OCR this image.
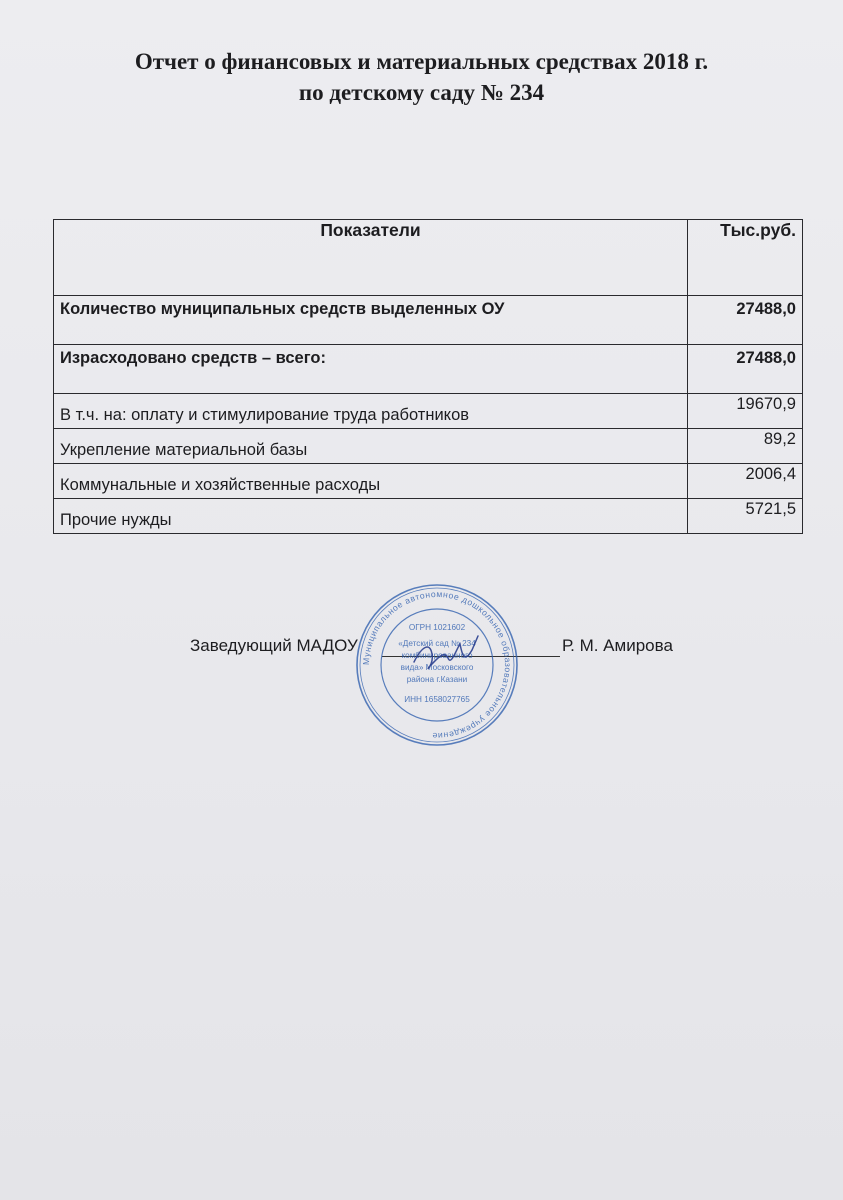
Отчет о финансовых и материальных средствах 2018 г.
по детскому саду № 234
Показатели	Тыс.руб.
Количество муниципальных средств выделенных ОУ	27488,0
Израсходовано средств – всего:	27488,0
В т.ч. на: оплату и стимулирование труда работников	19670,9
Укрепление материальной базы	89,2
Коммунальные и хозяйственные расходы	2006,4
Прочие нужды	5721,5
Заведующий МАДОУ	Р. М. Амирова
Муниципальное автономное дошкольное образовательное учреждение
ОГРН 1021602
«Детский сад № 234
комбинированного
вида» Московского
района г.Казани
ИНН 1658027765
